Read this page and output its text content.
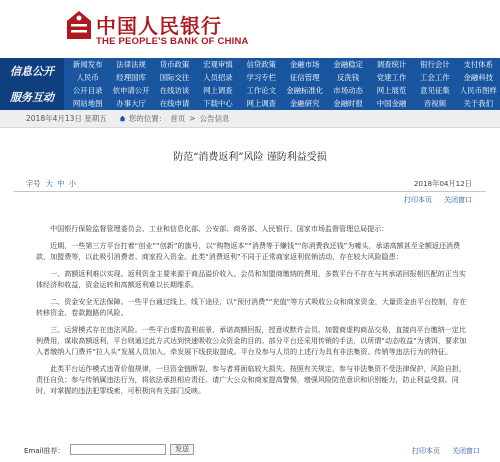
中国人民银行
THE PEOPLE'S BANK OF CHINA
信息公开
服务互动
新闻发布	法律法规	货币政策	宏观审慎	信贷政策	金融市场	金融稳定	调查统计	银行会计	支付体系
人民币	经理国库	国际交往	人员招录	学习专栏	征信管理	反洗钱	党建工作	工会工作	金融科技
公开目录	依申请公开	在线访谈	网上调查	工作论文	金融标准化	市场动态	网上展览	意见征集	人民币图样
网站地图	办事大厅	在线申请	下载中心	网上调查	金融研究	金融时报	中国金融	音视频	关于我们
2018年4月13日 星期五	您的位置： 首页 > 公告信息
防范“消费返利”风险 谨防利益受损
字号 大 中 小	2018年04月12日
打印本页 关闭窗口

中国银行保险监督管理委员会、工业和信息化部、公安部、商务部、人民银行、国家市场监督管理总局提示：

近期，一些第三方平台打着“创业”“创新”的旗号，以“购物返本”“消费等于赚钱”“你消费我还钱”为噱头，承诺高额甚至全额返还消费款、加盟费等，以此吸引消费者、商家投入资金。此类“消费返利”不同于正常商家返利促销活动，存在较大风险隐患：

一、高额返利难以实现。返利资金主要来源于商品溢价收入、会员和加盟商缴纳的费用，多数平台不存在与其承诺回报相匹配的正当实体经济和收益，资金运转和高额返利难以长期维系。

二、资金安全无法保障。一些平台通过线上、线下途径，以“预付消费”“充值”等方式吸收公众和商家资金，大量资金由平台控制，存在转移资金、卷款跑路的风险。

三、运营模式存在违法风险。一些平台虚构盈利前景、承诺高额回报，授意或默许会员、加盟商虚构商品交易，直接向平台缴纳一定比例费用，谋取高额返利，平台则通过此方式达到快速吸收公众资金的目的。部分平台还采用传销的手法，以所谓“动态收益“为诱饵，要求加入者缴纳入门费并“拉人头”发展人员加入，牵发展下线获取提成。平台及参与人员的上述行为具有非法集资、传销等违法行为的特征。

此类平台运作模式违背价值规律，一旦资金链断裂，参与者将面临较大损失。按照有关规定，参与非法集资不受法律保护，风险自担，责任自负；参与传销属违法行为，将依法承担相应责任。请广大公众和商家提高警惕，增强风险防范意识和识别能力，防止利益受损。同时，对掌握的违法犯罪线索，可积极向有关部门反映。

Email推荐：	发送	打印本页 关闭窗口
